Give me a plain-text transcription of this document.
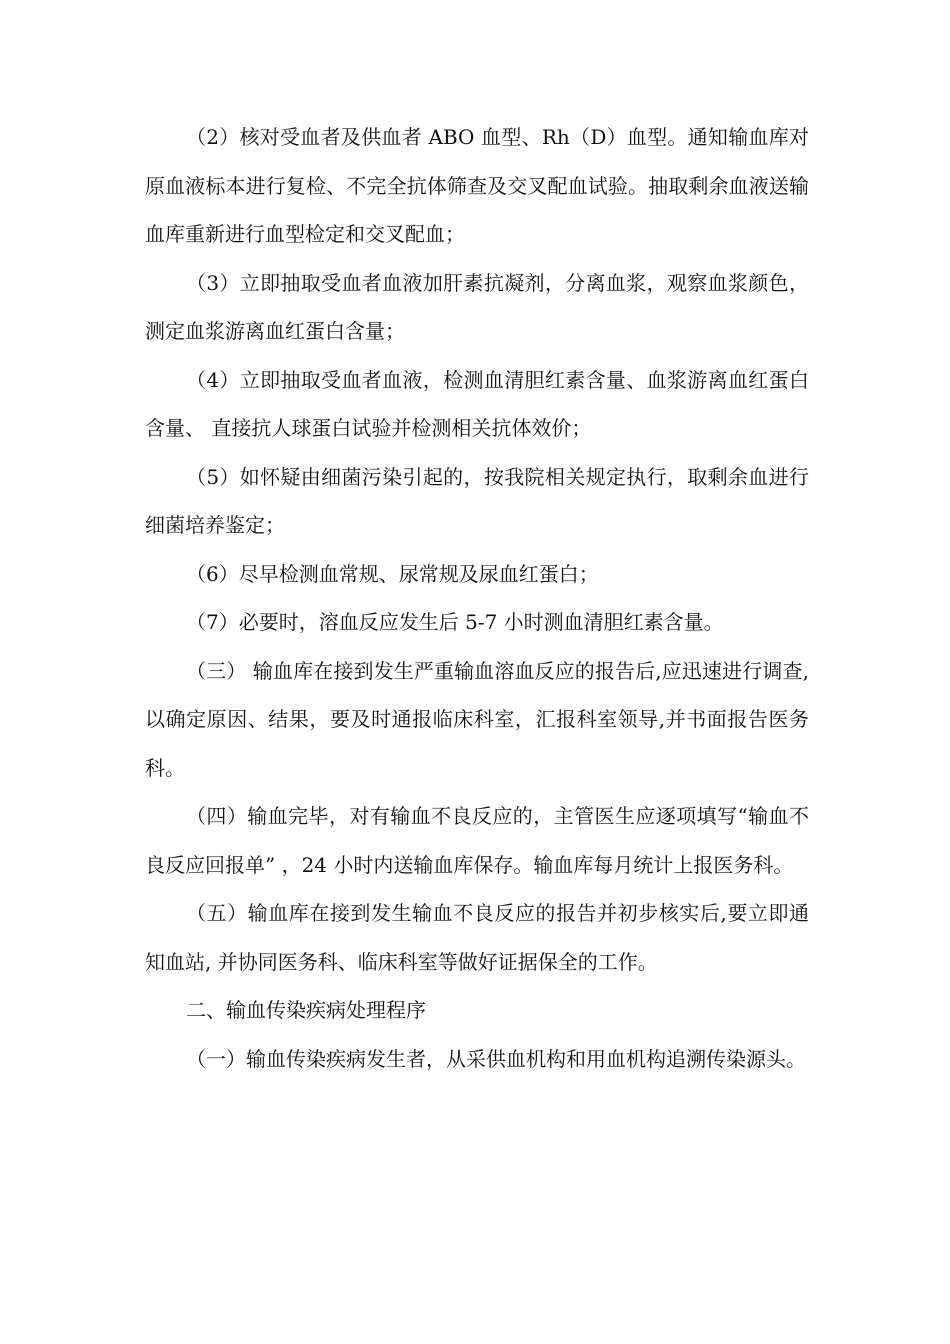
（2）核对受血者及供血者 ABO 血型、Rh（D）血型。通知输血库对原血液标本进行复检、不完全抗体筛查及交叉配血试验。抽取剩余血液送输血库重新进行血型检定和交叉配血；

（3）立即抽取受血者血液加肝素抗凝剂，分离血浆，观察血浆颜色，测定血浆游离血红蛋白含量；

（4）立即抽取受血者血液，检测血清胆红素含量、血浆游离血红蛋白含量、 直接抗人球蛋白试验并检测相关抗体效价；

（5）如怀疑由细菌污染引起的，按我院相关规定执行，取剩余血进行细菌培养鉴定；

（6）尽早检测血常规、尿常规及尿血红蛋白；

（7）必要时，溶血反应发生后 5-7 小时测血清胆红素含量。

（三） 输血库在接到发生严重输血溶血反应的报告后,应迅速进行调查,以确定原因、结果，要及时通报临床科室，汇报科室领导,并书面报告医务科。

（四）输血完毕，对有输血不良反应的，主管医生应逐项填写“输血不良反应回报单” ，24 小时内送输血库保存。输血库每月统计上报医务科。

（五）输血库在接到发生输血不良反应的报告并初步核实后,要立即通知血站, 并协同医务科、临床科室等做好证据保全的工作。

二、输血传染疾病处理程序

（一）输血传染疾病发生者，从采供血机构和用血机构追溯传染源头。
